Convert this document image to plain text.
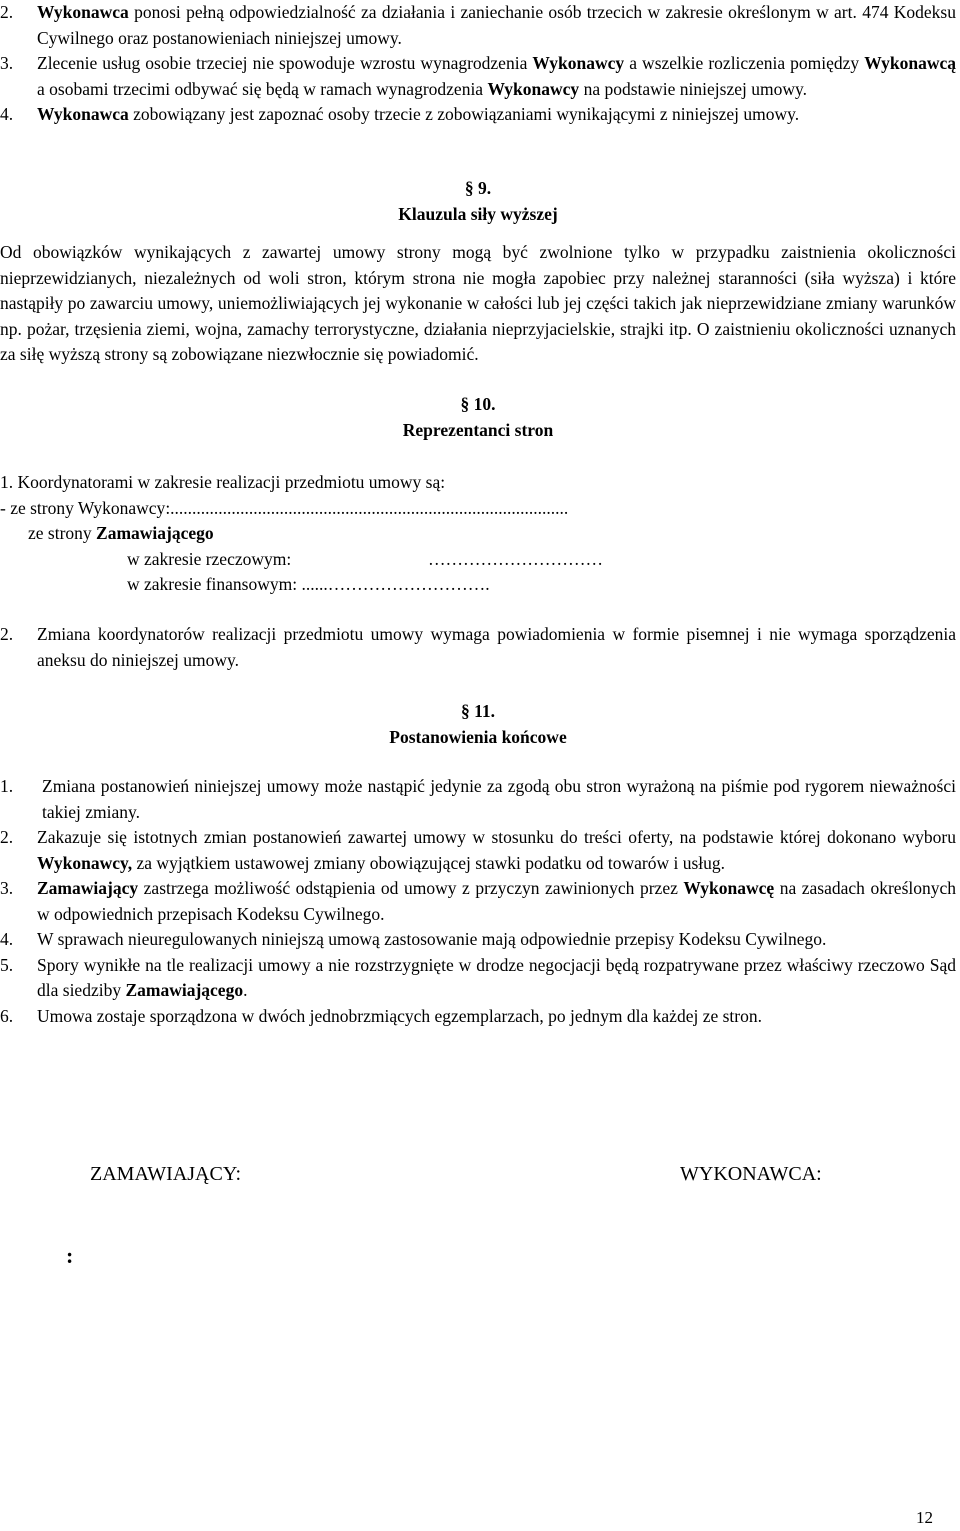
2. Wykonawca ponosi pełną odpowiedzialność za działania i zaniechanie osób trzecich w zakresie określonym w art. 474 Kodeksu Cywilnego oraz postanowieniach niniejszej umowy.
3. Zlecenie usług osobie trzeciej nie spowoduje wzrostu wynagrodzenia Wykonawcy a wszelkie rozliczenia pomiędzy Wykonawcą a osobami trzecimi odbywać się będą w ramach wynagrodzenia Wykonawcy na podstawie niniejszej umowy.
4. Wykonawca zobowiązany jest zapoznać osoby trzecie z zobowiązaniami wynikającymi z niniejszej umowy.

§ 9.

Klauzula siły wyższej

Od obowiązków wynikających z zawartej umowy strony mogą być zwolnione tylko w przypadku zaistnienia okoliczności nieprzewidzianych, niezależnych od woli stron, którym strona nie mogła zapobiec przy należnej staranności (siła wyższa) i które nastąpiły po zawarciu umowy, uniemożliwiających jej wykonanie w całości lub jej części takich jak nieprzewidziane zmiany warunków np. pożar, trzęsienia ziemi, wojna, zamachy terrorystyczne, działania nieprzyjacielskie, strajki itp. O zaistnieniu okoliczności uznanych za siłę wyższą strony są zobowiązane niezwłocznie się powiadomić.

§ 10.

Reprezentanci stron

1. Koordynatorami w zakresie realizacji przedmiotu umowy są:
- ze strony Wykonawcy:...........................................................................................
ze strony Zamawiającego
w zakresie rzeczowym:	…………………………
w zakresie finansowym: ......……………………….
2. Zmiana koordynatorów realizacji przedmiotu umowy wymaga powiadomienia w formie pisemnej i nie wymaga sporządzenia aneksu do niniejszej umowy.

§ 11.

Postanowienia końcowe

1. Zmiana postanowień niniejszej umowy może nastąpić jedynie za zgodą obu stron wyrażoną na piśmie pod rygorem nieważności takiej zmiany.
2. Zakazuje się istotnych zmian postanowień zawartej umowy w stosunku do treści oferty, na podstawie której dokonano wyboru Wykonawcy, za wyjątkiem ustawowej zmiany obowiązującej stawki podatku od towarów i usług.
3. Zamawiający zastrzega możliwość odstąpienia od umowy z przyczyn zawinionych przez Wykonawcę na zasadach określonych w odpowiednich przepisach Kodeksu Cywilnego.
4. W sprawach nieuregulowanych niniejszą umową zastosowanie mają odpowiednie przepisy Kodeksu Cywilnego.
5. Spory wynikłe na tle realizacji umowy a nie rozstrzygnięte w drodze negocjacji będą rozpatrywane przez właściwy rzeczowo Sąd dla siedziby Zamawiającego.
6. Umowa zostaje sporządzona w dwóch jednobrzmiących egzemplarzach, po jednym dla każdej ze stron.
ZAMAWIAJĄCY:	WYKONAWCA:
:
12
